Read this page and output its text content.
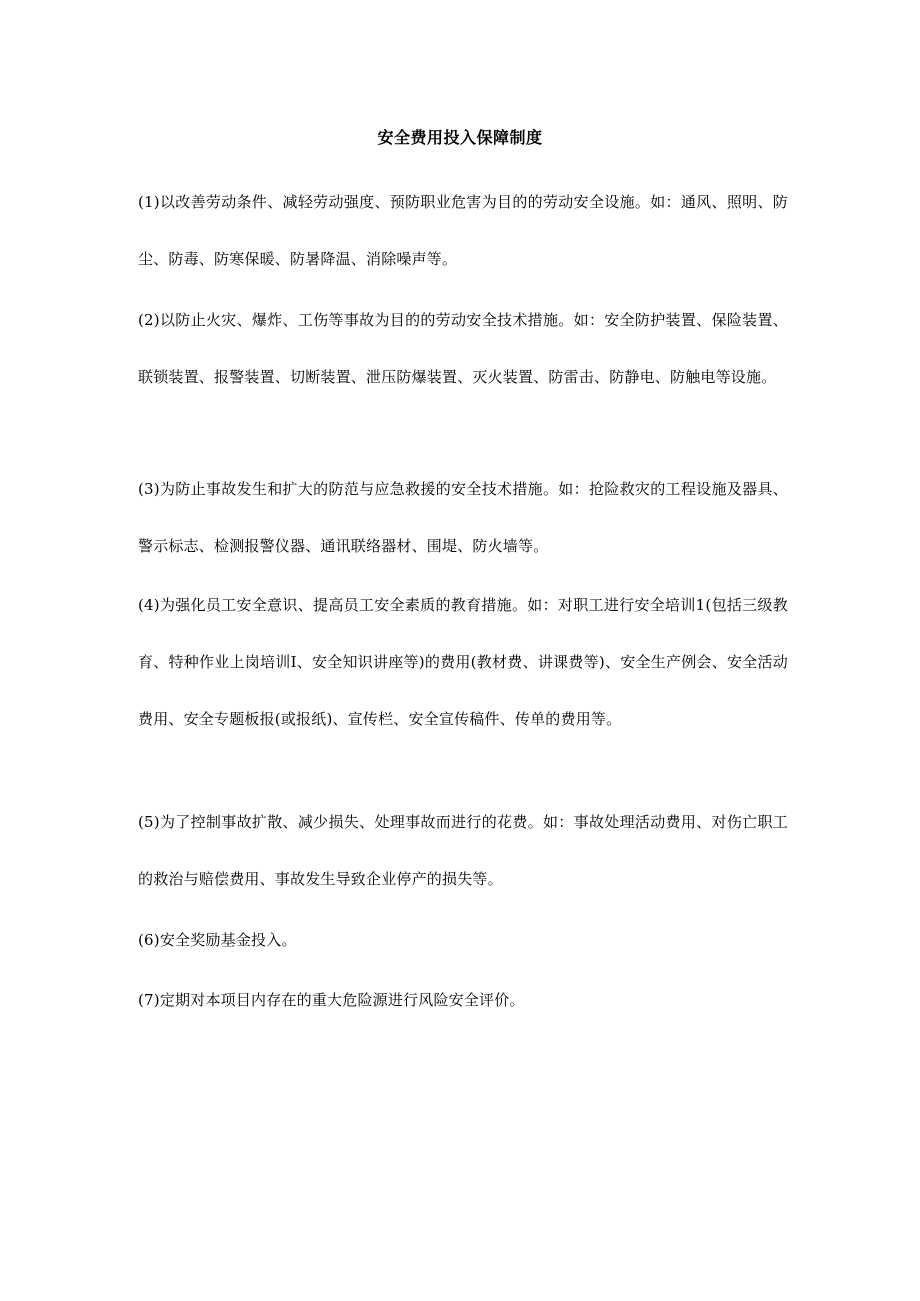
安全费用投入保障制度

(1)以改善劳动条件、减轻劳动强度、预防职业危害为目的的劳动安全设施。如：通风、照明、防尘、防毒、防寒保暖、防暑降温、消除噪声等。

(2)以防止火灾、爆炸、工伤等事故为目的的劳动安全技术措施。如：安全防护装置、保险装置、联锁装置、报警装置、切断装置、泄压防爆装置、灭火装置、防雷击、防静电、防触电等设施。

(3)为防止事故发生和扩大的防范与应急救援的安全技术措施。如：抢险救灾的工程设施及器具、警示标志、检测报警仪器、通讯联络器材、围堤、防火墙等。

(4)为强化员工安全意识、提高员工安全素质的教育措施。如：对职工进行安全培训1(包括三级教育、特种作业上岗培训I、安全知识讲座等)的费用(教材费、讲课费等)、安全生产例会、安全活动费用、安全专题板报(或报纸)、宣传栏、安全宣传稿件、传单的费用等。

(5)为了控制事故扩散、减少损失、处理事故而进行的花费。如：事故处理活动费用、对伤亡职工的救治与赔偿费用、事故发生导致企业停产的损失等。

(6)安全奖励基金投入。

(7)定期对本项目内存在的重大危险源进行风险安全评价。
